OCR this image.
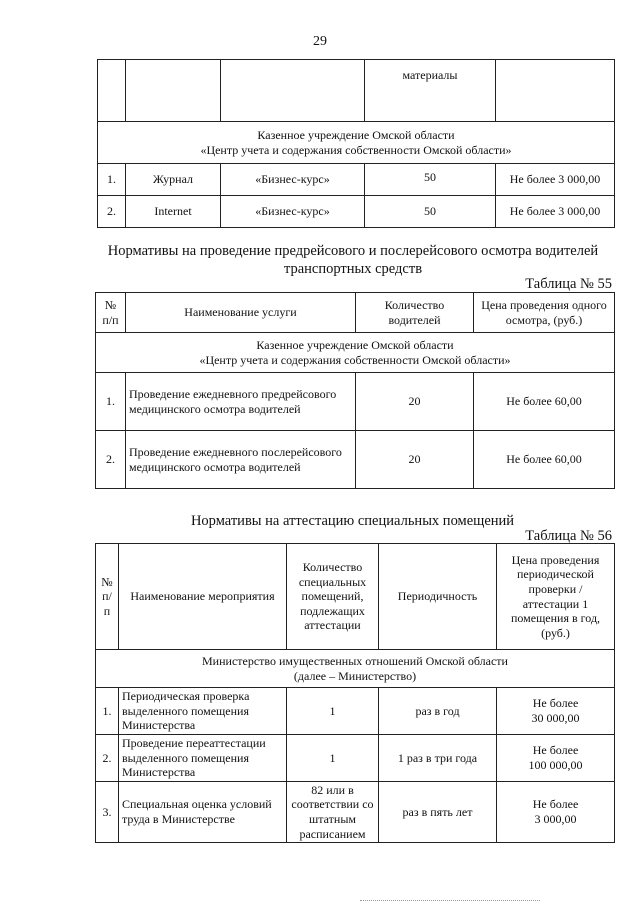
29
			материалы	

Казенное учреждение Омской области
«Центр учета и содержания собственности Омской области»				

1.	Журнал	«Бизнес-курс»	50	Не более 3 000,00
2.	Internet	«Бизнес-курс»	50	Не более 3 000,00
Нормативы на проведение предрейсового и послерейсового осмотра водителей
транспортных средств
Таблица № 55
№ п/п	Наименование услуги	Количество водителей	Цена проведения одного осмотра, (руб.)

Казенное учреждение Омской области
«Центр учета и содержания собственности Омской области»			

1.	Проведение ежедневного предрейсового медицинского осмотра водителей	20	Не более 60,00
2.	Проведение ежедневного послерейсового медицинского осмотра водителей	20	Не более 60,00
Нормативы на аттестацию специальных помещений
Таблица № 56
№ п/п	Наименование мероприятия	Количество специальных помещений, подлежащих аттестации	Периодичность	Цена проведения периодической проверки / аттестации 1 помещения в год, (руб.)

Министерство имущественных отношений Омской области
(далее – Министерство)				

1.	Периодическая проверка выделенного помещения Министерства	1	раз в год	Не более
30 000,00

2.	Проведение переаттестации выделенного помещения Министерства	1	1 раз в три года	Не более
100 000,00

3.	Специальная оценка условий труда в Министерстве	82 или в соответствии со штатным расписанием	раз в пять лет	Не более
3 000,00
